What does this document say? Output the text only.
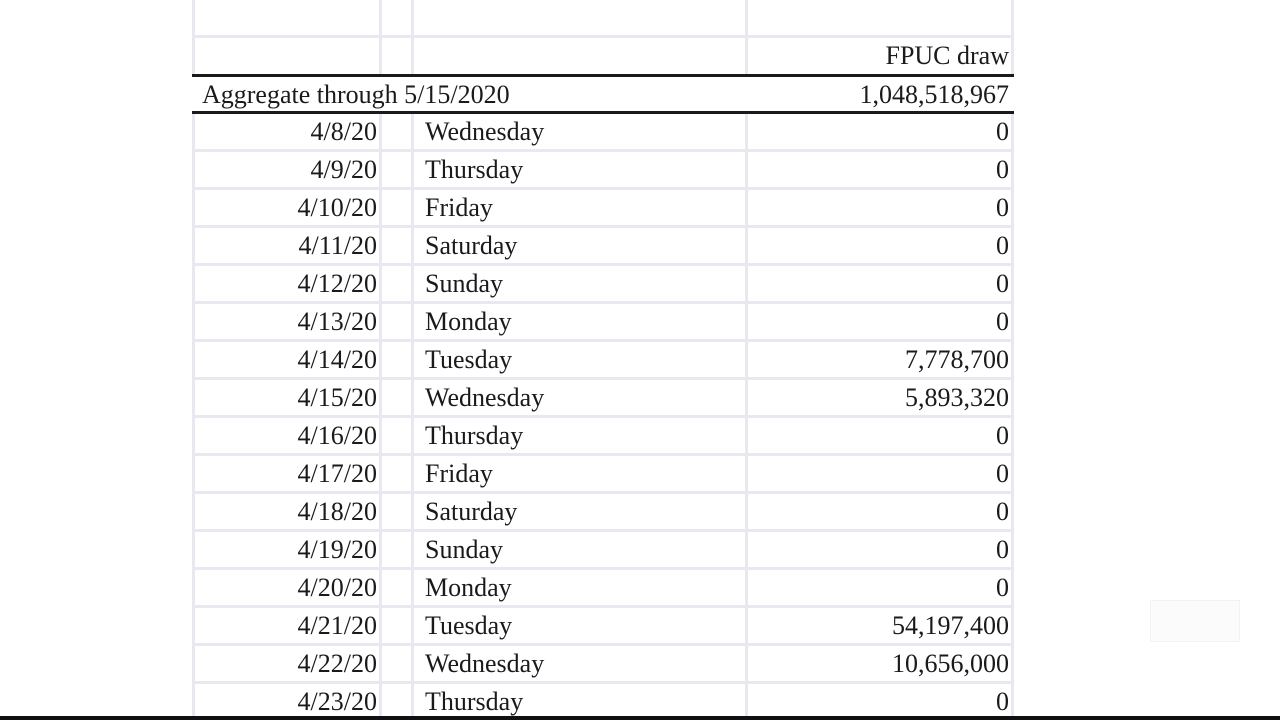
FPUC draw
Aggregate through 5/15/2020	1,048,518,967
4/8/20 Wednesday	0
4/9/20 Thursday	0
4/10/20 Friday	0
4/11/20 Saturday	0
4/12/20 Sunday	0
4/13/20 Monday	0
4/14/20 Tuesday	7,778,700
4/15/20 Wednesday	5,893,320
4/16/20 Thursday	0
4/17/20 Friday	0
4/18/20 Saturday	0
4/19/20 Sunday	0
4/20/20 Monday	0
4/21/20 Tuesday	54,197,400
4/22/20 Wednesday	10,656,000
4/23/20 Thursday	0
